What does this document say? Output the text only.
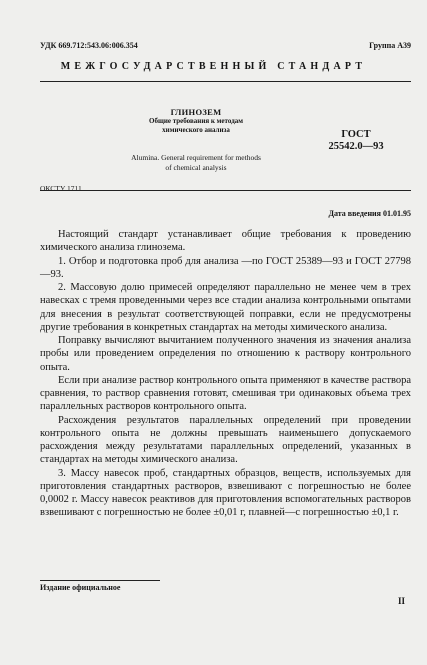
УДК 669.712:543.06:006.354	Группа А39
МЕЖГОСУДАРСТВЕННЫЙ СТАНДАРТ
ГЛИНОЗЕМ
Общие требования к методам
химического анализа	ГОСТ
25542.0—93
Alumina. General requirement for methods
of chemical analysis
ОКСТУ 1711
Дата введения 01.01.95

Настоящий стандарт устанавливает общие требования к проведению химического анализа глинозема.

1. Отбор и подготовка проб для анализа —по ГОСТ 25389—93 и ГОСТ 27798—93.

2. Массовую долю примесей определяют параллельно не менее чем в трех навесках с тремя проведенными через все стадии анализа контрольными опытами для внесения в результат соответствующей поправки, если не предусмотрены другие требования в конкретных стандартах на методы химического анализа.

Поправку вычисляют вычитанием полученного значения из значения анализа пробы или проведением определения по отношению к раствору контрольного опыта.

Если при анализе раствор контрольного опыта применяют в качестве раствора сравнения, то раствор сравнения готовят, смешивая три одинаковых объема трех параллельных растворов контрольного опыта.

Расхождения результатов параллельных определений при проведении контрольного опыта не должны превышать наименьшего допускаемого расхождения между результатами параллельных определений, указанных в стандартах на методы химического анализа.

3. Массу навесок проб, стандартных образцов, веществ, используемых для приготовления стандартных растворов, взвешивают с погрешностью не более 0,0002 г. Массу навесок реактивов для приготовления вспомогательных растворов взвешивают с погрешностью не более ±0,01 г, плавней—с погрешностью ±0,1 г.

Издание официальное
II
